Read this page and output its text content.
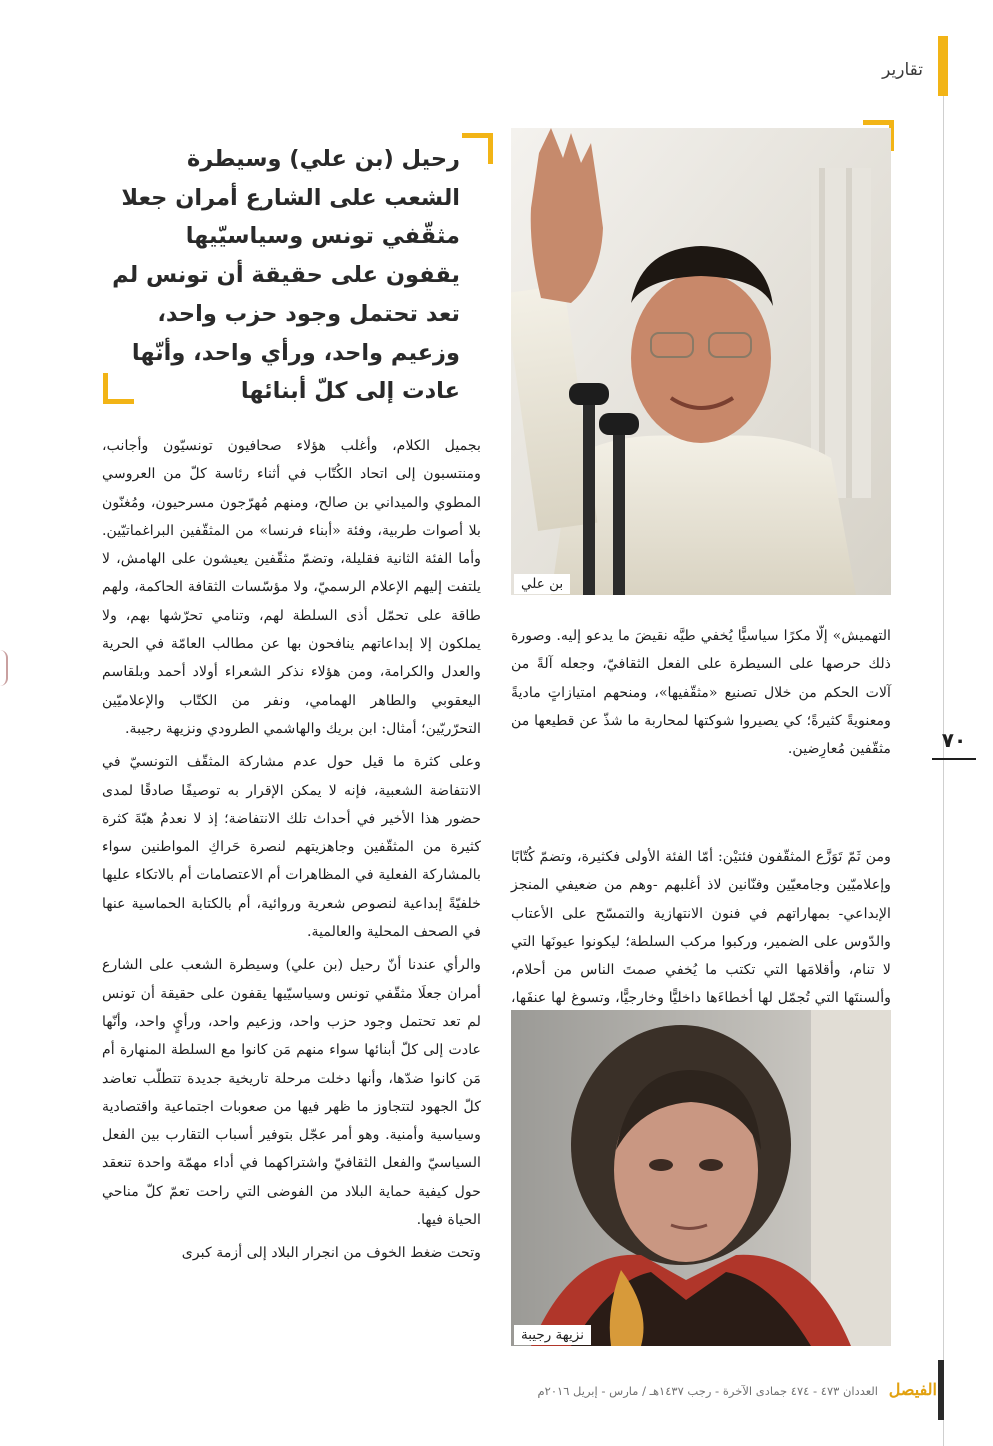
تقارير
رحيل (بن علي) وسيطرة الشعب على الشارع أمران جعلا مثقّفي تونس وسياسيّيها يقفون على حقيقة أن تونس لم تعد تحتمل وجود حزب واحد، وزعيم واحد، ورأي واحد، وأنّها عادت إلى كلّ أبنائها
بن علي

التهميش» إلّا مكرًا سياسيًّا يُخفي طيَّه نقيضَ ما يدعو إليه. وصورة ذلك حرصها على السيطرة على الفعل الثقافيّ، وجعله آلةً من آلات الحكم من خلال تصنيع «مثقّفيها»، ومنحهم امتيازاتٍ ماديةً ومعنويةً كثيرةً؛ كي يصيروا شوكتها لمحاربة ما شذّ عن قطيعها من مثقّفين مُعارِضين.

ومن ثَمّ تَوَزَّع المثقّفون فئتيْن: أمّا الفئة الأولى فكثيرة، وتضمّ كُتّابًا وإعلاميّين وجامعيّين وفنّانين لاذ أغلبهم -وهم من ضعيفي المنجز الإبداعي- بمهاراتهم في فنون الانتهازية والتمسّح على الأعتاب والدّوس على الضمير، وركبوا مركب السلطة؛ ليكونوا عيونَها التي لا تنام، وأقلامَها التي تكتب ما يُخفي صمتَ الناس من أحلام، وألسنتَها التي تُجمّل لها أخطاءَها داخليًّا وخارجيًّا، وتسوغ لها عنفَها،

نزيهة رجيبة

بجميل الكلام، وأغلب هؤلاء صحافيون تونسيّون وأجانب، ومنتسبون إلى اتحاد الكُتّاب في أثناء رئاسة كلّ من العروسي المطوي والميداني بن صالح، ومنهم مُهرّجون مسرحيون، ومُغنّون بلا أصوات طربية، وفئة «أبناء فرنسا» من المثقّفين البراغماتيّين. وأما الفئة الثانية فقليلة، وتضمّ مثقّفين يعيشون على الهامش، لا يلتفت إليهم الإعلام الرسميّ، ولا مؤسّسات الثقافة الحاكمة، ولهم طاقة على تحمّل أذى السلطة لهم، وتنامي تحرّشها بهم، ولا يملكون إلا إبداعاتهم ينافحون بها عن مطالب العامّة في الحرية والعدل والكرامة، ومن هؤلاء نذكر الشعراء أولاد أحمد وبلقاسم اليعقوبي والطاهر الهمامي، ونفر من الكتّاب والإعلاميّين التحرّريّين؛ أمثال: ابن بريك والهاشمي الطرودي ونزيهة رجيبة.

وعلى كثرة ما قيل حول عدم مشاركة المثقّف التونسيّ في الانتفاضة الشعبية، فإنه لا يمكن الإقرار به توصيفًا صادقًا لمدى حضور هذا الأخير في أحداث تلك الانتفاضة؛ إذ لا نعدمُ هبّةَ كثرة كثيرة من المثقّفين وجاهزيتهم لنصرة حَراكِ المواطنين سواء بالمشاركة الفعلية في المظاهرات أم الاعتصامات أم بالاتكاء عليها خلفيّةً إبداعية لنصوص شعرية وروائية، أم بالكتابة الحماسية عنها في الصحف المحلية والعالمية.

والرأي عندنا أنّ رحيل (بن علي) وسيطرة الشعب على الشارع أمران جعلَا مثقّفي تونس وسياسيّيها يقفون على حقيقة أن تونس لم تعد تحتمل وجود حزب واحد، وزعيم واحد، ورأيٍ واحد، وأنّها عادت إلى كلّ أبنائها سواء منهم مَن كانوا مع السلطة المنهارة أم مَن كانوا ضدّها، وأنها دخلت مرحلة تاريخية جديدة تتطلّب تعاضد كلّ الجهود لتتجاوز ما ظهر فيها من صعوبات اجتماعية واقتصادية وسياسية وأمنية. وهو أمر عجّل بتوفير أسباب التقارب بين الفعل السياسيّ والفعل الثقافيّ واشتراكهما في أداء مهمّة واحدة تنعقد حول كيفية حماية البلاد من الفوضى التي راحت تعمّ كلّ مناحي الحياة فيها.

وتحت ضغط الخوف من انجرار البلاد إلى أزمة كبرى

٧٠
الفيصل
العددان ٤٧٣ - ٤٧٤ جمادى الآخرة - رجب ١٤٣٧هـ / مارس - إبريل ٢٠١٦م
